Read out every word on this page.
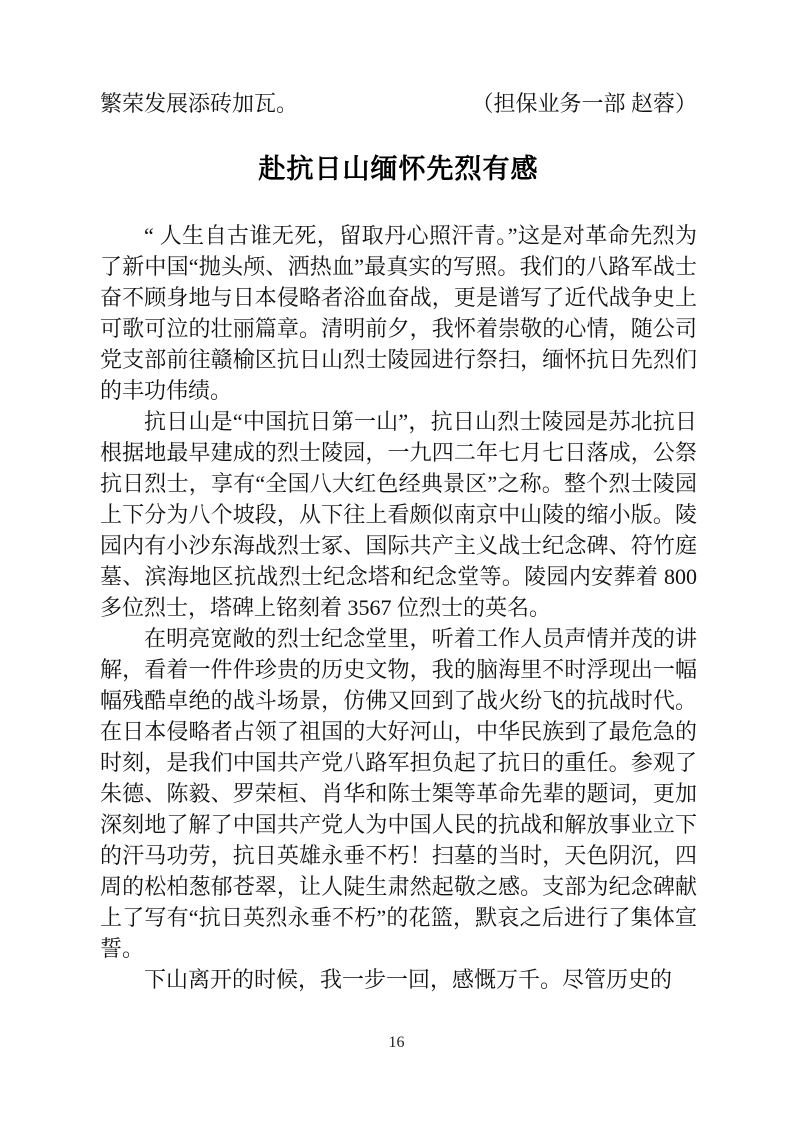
繁荣发展添砖加瓦。	（担保业务一部 赵蓉）
赴抗日山缅怀先烈有感

“ 人生自古谁无死，留取丹心照汗青。”这是对革命先烈为了新中国“抛头颅、洒热血”最真实的写照。我们的八路军战士奋不顾身地与日本侵略者浴血奋战，更是谱写了近代战争史上可歌可泣的壮丽篇章。清明前夕，我怀着崇敬的心情，随公司党支部前往赣榆区抗日山烈士陵园进行祭扫，缅怀抗日先烈们的丰功伟绩。

抗日山是“中国抗日第一山”，抗日山烈士陵园是苏北抗日根据地最早建成的烈士陵园，一九四二年七月七日落成，公祭抗日烈士，享有“全国八大红色经典景区”之称。整个烈士陵园上下分为八个坡段，从下往上看颇似南京中山陵的缩小版。陵园内有小沙东海战烈士冢、国际共产主义战士纪念碑、符竹庭墓、滨海地区抗战烈士纪念塔和纪念堂等。陵园内安葬着 800 多位烈士，塔碑上铭刻着 3567 位烈士的英名。

在明亮宽敞的烈士纪念堂里，听着工作人员声情并茂的讲解，看着一件件珍贵的历史文物，我的脑海里不时浮现出一幅幅残酷卓绝的战斗场景，仿佛又回到了战火纷飞的抗战时代。在日本侵略者占领了祖国的大好河山，中华民族到了最危急的时刻，是我们中国共产党八路军担负起了抗日的重任。参观了朱德、陈毅、罗荣桓、肖华和陈士榘等革命先辈的题词，更加深刻地了解了中国共产党人为中国人民的抗战和解放事业立下的汗马功劳，抗日英雄永垂不朽！扫墓的当时，天色阴沉，四周的松柏葱郁苍翠，让人陡生肃然起敬之感。支部为纪念碑献上了写有“抗日英烈永垂不朽”的花篮，默哀之后进行了集体宣誓。

下山离开的时候，我一步一回，感慨万千。尽管历史的

16
